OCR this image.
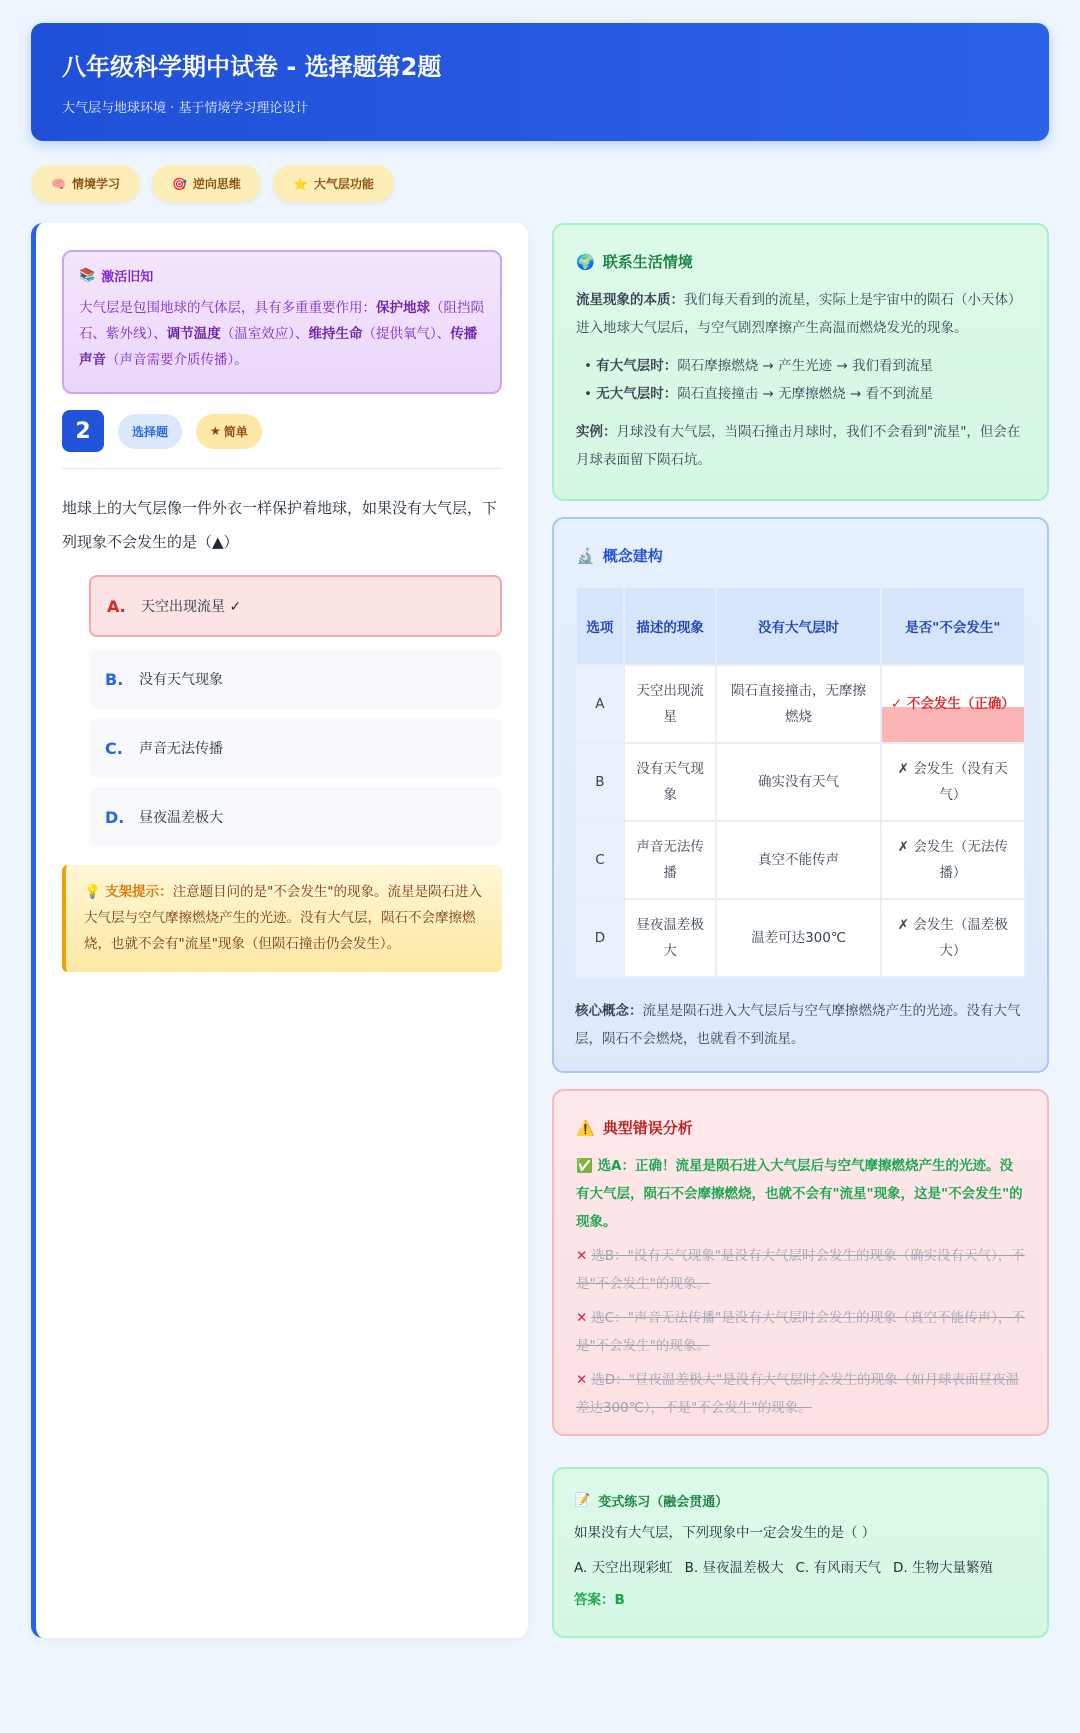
八年级科学期中试卷 - 选择题第2题
大气层与地球环境 · 基于情境学习理论设计
🧠 情境学习	🎯 逆向思维	⭐ 大气层功能
📚 激活旧知
大气层是包围地球的气体层，具有多重重要作用：保护地球（阻挡陨石、紫外线）、调节温度（温室效应）、维持生命（提供氧气）、传播声音（声音需要介质传播）。
2	选择题	★ 简单
地球上的大气层像一件外衣一样保护着地球，如果没有大气层，下列现象不会发生的是（▲）
A.	天空出现流星 ✓
B.	没有天气现象
C.	声音无法传播
D.	昼夜温差极大
💡 支架提示：注意题目问的是"不会发生"的现象。流星是陨石进入大气层与空气摩擦燃烧产生的光迹。没有大气层，陨石不会摩擦燃烧，也就不会有"流星"现象（但陨石撞击仍会发生）。
🌍 联系生活情境

流星现象的本质：我们每天看到的流星，实际上是宇宙中的陨石（小天体）进入地球大气层后，与空气剧烈摩擦产生高温而燃烧发光的现象。

• 有大气层时：陨石摩擦燃烧 → 产生光迹 → 我们看到流星
• 无大气层时：陨石直接撞击 → 无摩擦燃烧 → 看不到流星

实例：月球没有大气层，当陨石撞击月球时，我们不会看到"流星"，但会在月球表面留下陨石坑。

🔬 概念建构
选项	描述的现象	没有大气层时	是否"不会发生"
A	天空出现流星	陨石直接撞击，无摩擦燃烧	✓ 不会发生（正确）
B	没有天气现象	确实没有天气	✗ 会发生（没有天气）
C	声音无法传播	真空不能传声	✗ 会发生（无法传播）
D	昼夜温差极大	温差可达300℃	✗ 会发生（温差极大）
核心概念：流星是陨石进入大气层后与空气摩擦燃烧产生的光迹。没有大气层，陨石不会燃烧，也就看不到流星。
⚠️ 典型错误分析
✅ 选A：正确！流星是陨石进入大气层后与空气摩擦燃烧产生的光迹。没有大气层，陨石不会摩擦燃烧，也就不会有"流星"现象，这是"不会发生"的现象。
✕ 选B："没有天气现象"是没有大气层时会发生的现象（确实没有天气），不是"不会发生"的现象。
✕ 选C："声音无法传播"是没有大气层时会发生的现象（真空不能传声），不是"不会发生"的现象。
✕ 选D："昼夜温差极大"是没有大气层时会发生的现象（如月球表面昼夜温差达300℃），不是"不会发生"的现象。
📝 变式练习（融会贯通）
如果没有大气层，下列现象中一定会发生的是（ ）
A. 天空出现彩虹 B. 昼夜温差极大 C. 有风雨天气 D. 生物大量繁殖
答案：B
